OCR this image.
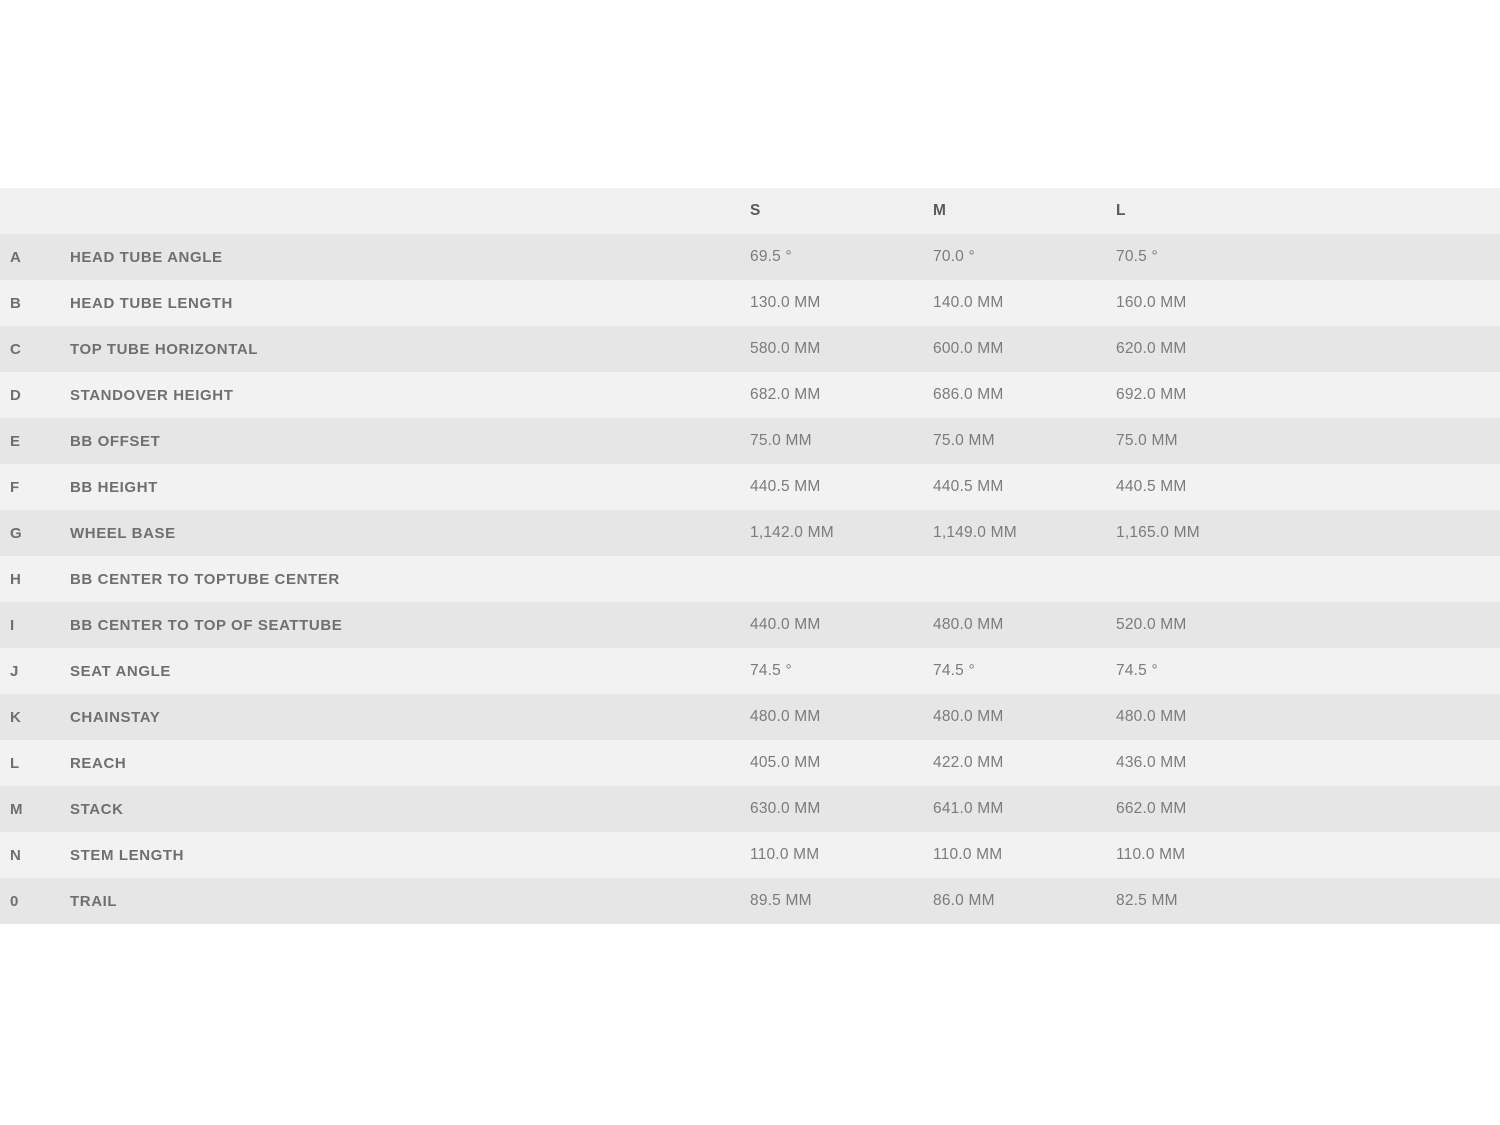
		S	M	L	
A	HEAD TUBE ANGLE	69.5 °	70.0 °	70.5 °	
B	HEAD TUBE LENGTH	130.0 MM	140.0 MM	160.0 MM	
C	TOP TUBE HORIZONTAL	580.0 MM	600.0 MM	620.0 MM	
D	STANDOVER HEIGHT	682.0 MM	686.0 MM	692.0 MM	
E	BB OFFSET	75.0 MM	75.0 MM	75.0 MM	
F	BB HEIGHT	440.5 MM	440.5 MM	440.5 MM	
G	WHEEL BASE	1,142.0 MM	1,149.0 MM	1,165.0 MM	
H	BB CENTER TO TOPTUBE CENTER				
I	BB CENTER TO TOP OF SEATTUBE	440.0 MM	480.0 MM	520.0 MM	
J	SEAT ANGLE	74.5 °	74.5 °	74.5 °	
K	CHAINSTAY	480.0 MM	480.0 MM	480.0 MM	
L	REACH	405.0 MM	422.0 MM	436.0 MM	
M	STACK	630.0 MM	641.0 MM	662.0 MM	
N	STEM LENGTH	110.0 MM	110.0 MM	110.0 MM	
0	TRAIL	89.5 MM	86.0 MM	82.5 MM	
